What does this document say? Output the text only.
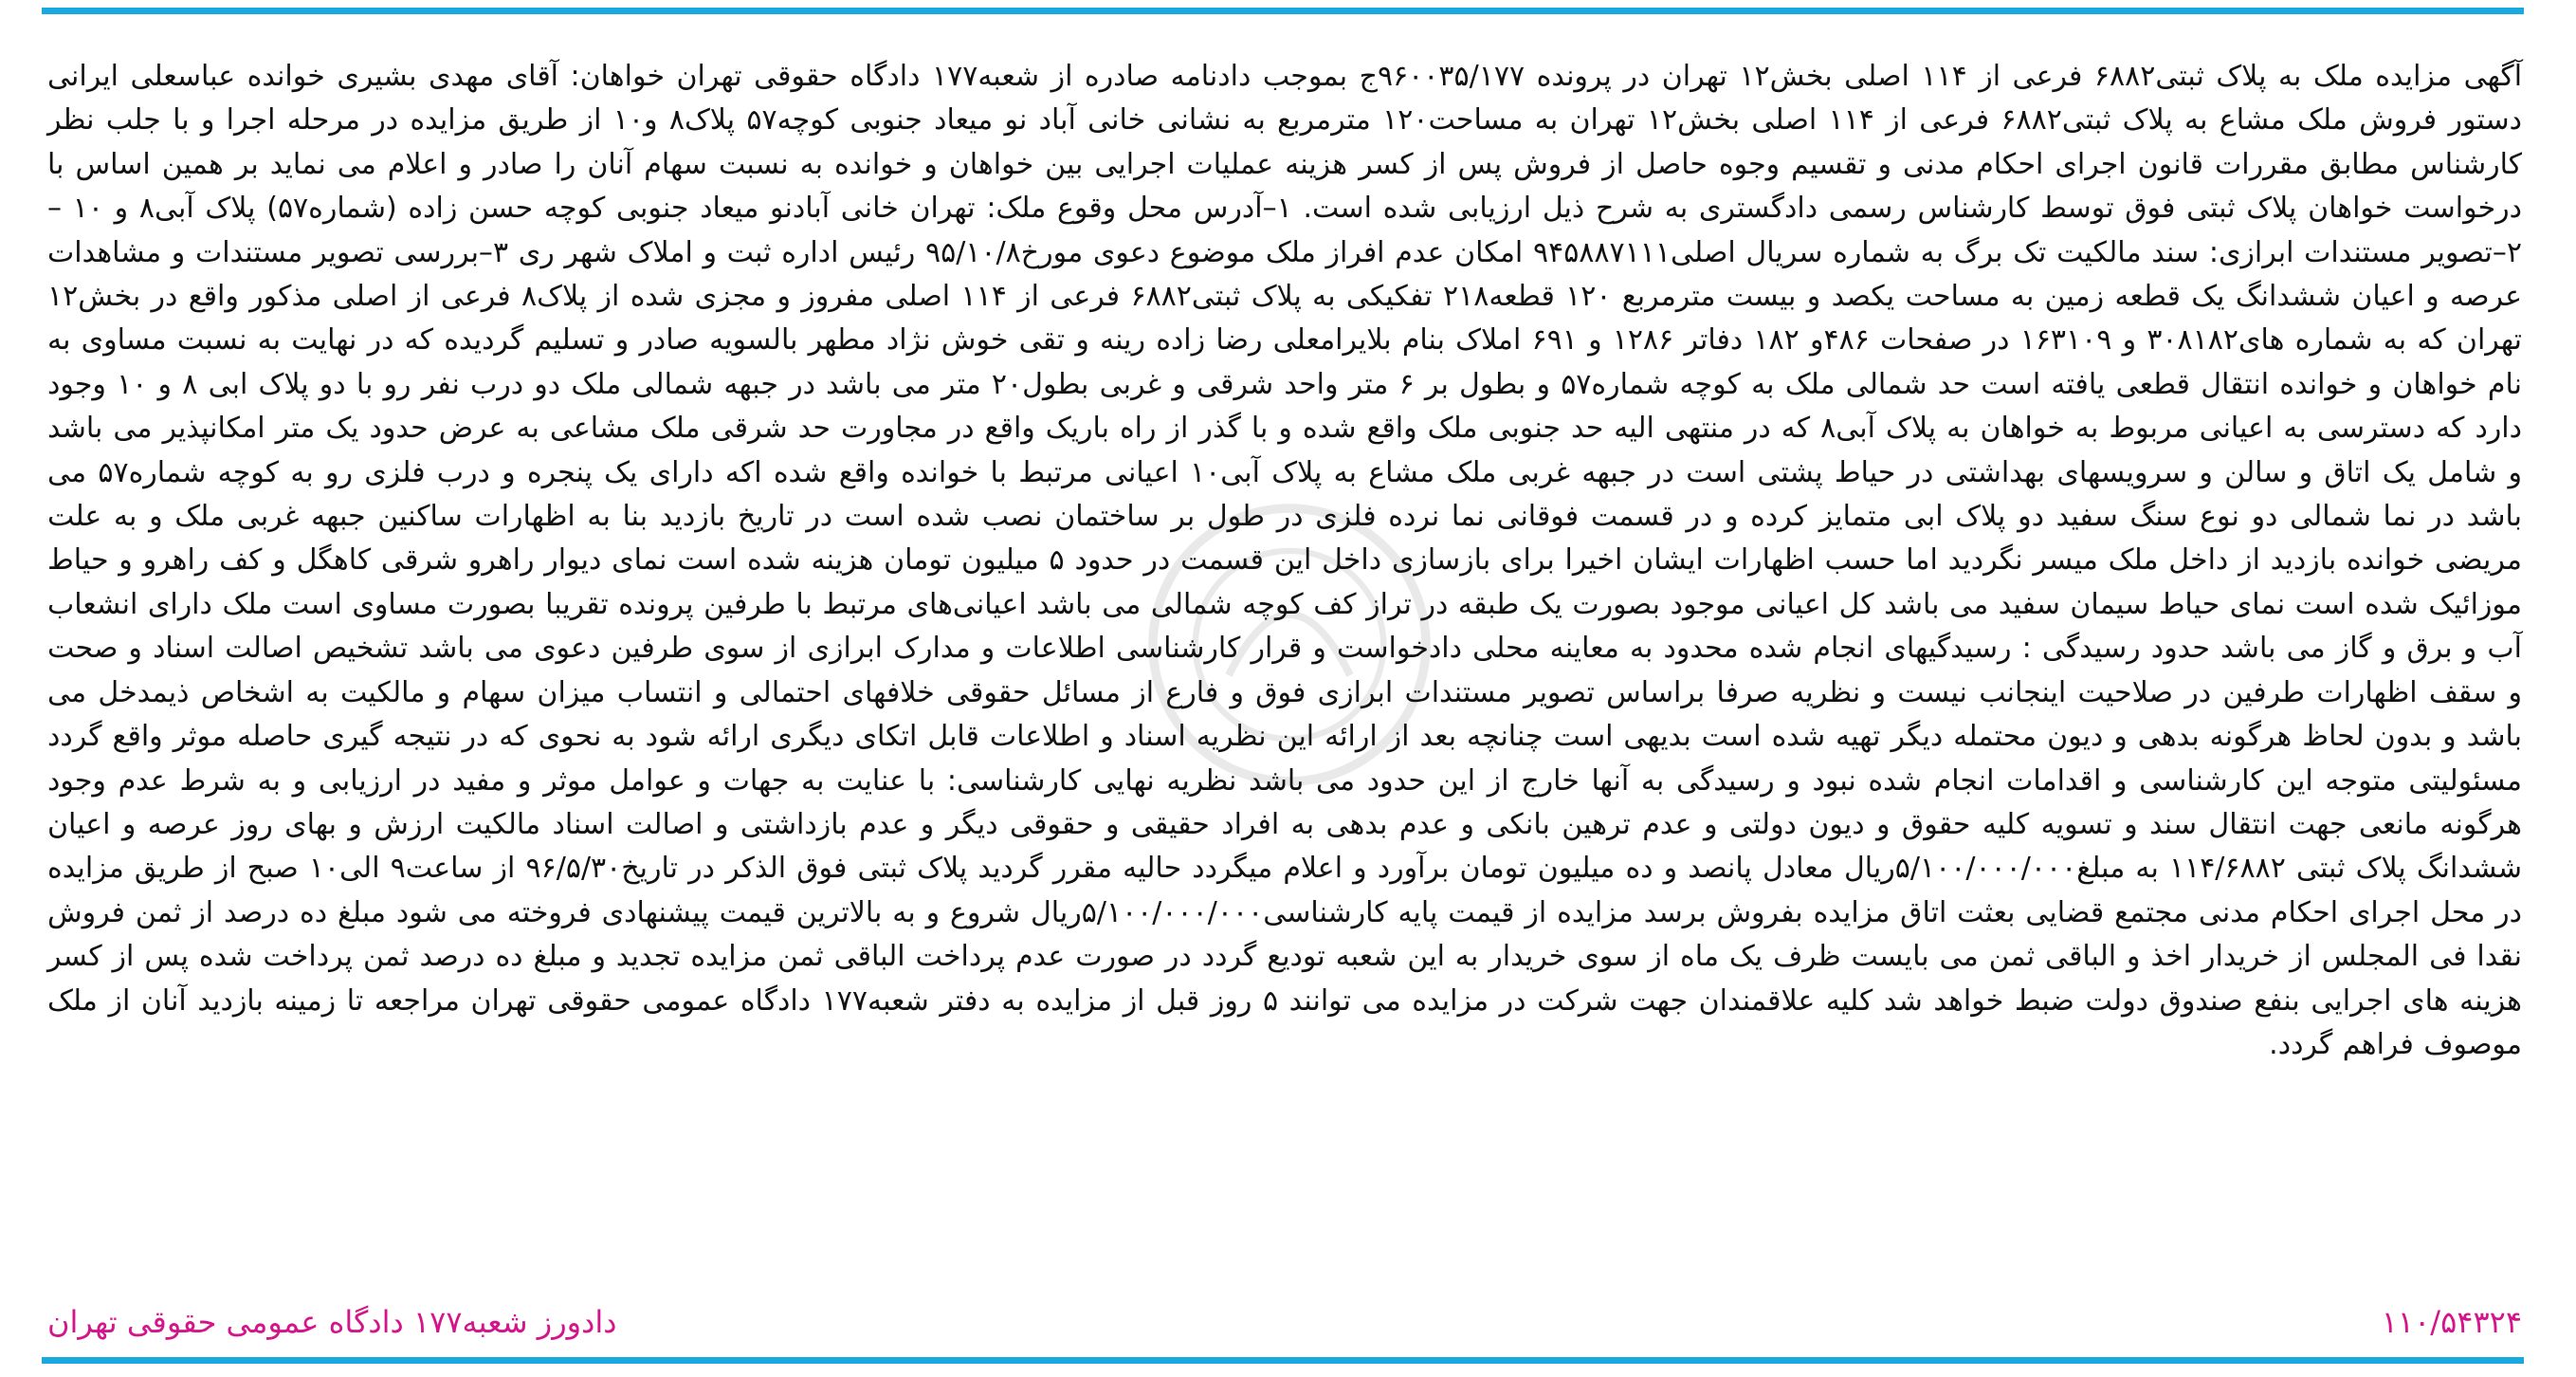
آگهی مزایده ملک به پلاک ثبتی۶۸۸۲ فرعی از ۱۱۴ اصلی بخش۱۲ تهران در پرونده ۹۶۰۰۳۵/۱۷۷ج بموجب دادنامه صادره از شعبه۱۷۷ دادگاه حقوقی تهران خواهان: آقای مهدی بشیری خوانده عباسعلی ایرانی دستور فروش ملک مشاع به پلاک ثبتی۶۸۸۲ فرعی از ۱۱۴ اصلی بخش۱۲ تهران به مساحت۱۲۰ مترمربع به نشانی خانی آباد نو میعاد جنوبی کوچه۵۷ پلاک۸ و۱۰ از طریق مزایده در مرحله اجرا و با جلب نظر کارشناس مطابق مقررات قانون اجرای احکام مدنی و تقسیم وجوه حاصل از فروش پس از کسر هزینه عملیات اجرایی بین خواهان و خوانده به نسبت سهام آنان را صادر و اعلام می نماید بر همین اساس با درخواست خواهان پلاک ثبتی فوق توسط کارشناس رسمی دادگستری به شرح ذیل ارزیابی شده است. ۱–آدرس محل وقوع ملک: تهران خانی آبادنو میعاد جنوبی کوچه حسن زاده (شماره۵۷) پلاک آبی۸ و ۱۰ – ۲–تصویر مستندات ابرازی: سند مالکیت تک برگ به شماره سریال اصلی۹۴۵۸۸۷۱۱۱ امکان عدم افراز ملک موضوع دعوی مورخ۹۵/۱۰/۸ رئیس اداره ثبت و املاک شهر ری ۳–بررسی تصویر مستندات و مشاهدات عرصه و اعیان ششدانگ یک قطعه زمین به مساحت یکصد و بیست مترمربع ۱۲۰ قطعه۲۱۸ تفکیکی به پلاک ثبتی۶۸۸۲ فرعی از ۱۱۴ اصلی مفروز و مجزی شده از پلاک۸ فرعی از اصلی مذکور واقع در بخش۱۲ تهران که به شماره های۳۰۸۱۸۲ و ۱۶۳۱۰۹ در صفحات ۴۸۶و ۱۸۲ دفاتر ۱۲۸۶ و ۶۹۱ املاک بنام بلایرامعلی رضا زاده رینه و تقی خوش نژاد مطهر بالسویه صادر و تسلیم گردیده که در نهایت به نسبت مساوی به نام خواهان و خوانده انتقال قطعی یافته است حد شمالی ملک به کوچه شماره۵۷ و بطول بر ۶ متر واحد شرقی و غربی بطول۲۰ متر می باشد در جبهه شمالی ملک دو درب نفر رو با دو پلاک ابی ۸ و ۱۰ وجود دارد که دسترسی به اعیانی مربوط به خواهان به پلاک آبی۸ که در منتهی الیه حد جنوبی ملک واقع شده و با گذر از راه باریک واقع در مجاورت حد شرقی ملک مشاعی به عرض حدود یک متر امکانپذیر می باشد و شامل یک اتاق و سالن و سرویسهای بهداشتی در حیاط پشتی است در جبهه غربی ملک مشاع به پلاک آبی۱۰ اعیانی مرتبط با خوانده واقع شده اکه دارای یک پنجره و درب فلزی رو به کوچه شماره۵۷ می باشد در نما شمالی دو نوع سنگ سفید دو پلاک ابی متمایز کرده و در قسمت فوقانی نما نرده فلزی در طول بر ساختمان نصب شده است در تاریخ بازدید بنا به اظهارات ساکنین جبهه غربی ملک و به علت مریضی خوانده بازدید از داخل ملک میسر نگردید اما حسب اظهارات ایشان اخیرا برای بازسازی داخل این قسمت در حدود ۵ میلیون تومان هزینه شده است نمای دیوار راهرو شرقی کاهگل و کف راهرو و حیاط موزائیک شده است نمای حیاط سیمان سفید می باشد کل اعیانی موجود بصورت یک طبقه در تراز کف کوچه شمالی می باشد اعیانی‌های مرتبط با طرفین پرونده تقریبا بصورت مساوی است ملک دارای انشعاب آب و برق و گاز می باشد حدود رسیدگی : رسیدگیهای انجام شده محدود به معاینه محلی دادخواست و قرار کارشناسی اطلاعات و مدارک ابرازی از سوی طرفین دعوی می باشد تشخیص اصالت اسناد و صحت و سقف اظهارات طرفین در صلاحیت اینجانب نیست و نظریه صرفا براساس تصویر مستندات ابرازی فوق و فارع از مسائل حقوقی خلافهای احتمالی و انتساب میزان سهام و مالکیت به اشخاص ذیمدخل می باشد و بدون لحاظ هرگونه بدهی و دیون محتمله دیگر تهیه شده است بدیهی است چنانچه بعد از ارائه این نظریه اسناد و اطلاعات قابل اتکای دیگری ارائه شود به نحوی که در نتیجه گیری حاصله موثر واقع گردد مسئولیتی متوجه این کارشناسی و اقدامات انجام شده نبود و رسیدگی به آنها خارج از این حدود می باشد نظریه نهایی کارشناسی: با عنایت به جهات و عوامل موثر و مفید در ارزیابی و به شرط عدم وجود هرگونه مانعی جهت انتقال سند و تسویه کلیه حقوق و دیون دولتی و عدم ترهین بانکی و عدم بدهی به افراد حقیقی و حقوقی دیگر و عدم بازداشتی و اصالت اسناد مالکیت ارزش و بهای روز عرصه و اعیان ششدانگ پلاک ثبتی ۱۱۴/۶۸۸۲ به مبلغ۵/۱۰۰/۰۰۰/۰۰۰ریال معادل پانصد و ده میلیون تومان برآورد و اعلام میگردد حالیه مقرر گردید پلاک ثبتی فوق الذکر در تاریخ۹۶/۵/۳۰ از ساعت۹ الی۱۰ صبح از طریق مزایده در محل اجرای احکام مدنی مجتمع قضایی بعثت اتاق مزایده بفروش برسد مزایده از قیمت پایه کارشناسی۵/۱۰۰/۰۰۰/۰۰۰ریال شروع و به بالاترین قیمت پیشنهادی فروخته می شود مبلغ ده درصد از ثمن فروش نقدا فی المجلس از خریدار اخذ و الباقی ثمن می بایست ظرف یک ماه از سوی خریدار به این شعبه تودیع گردد در صورت عدم پرداخت الباقی ثمن مزایده تجدید و مبلغ ده درصد ثمن پرداخت شده پس از کسر هزینه های اجرایی بنفع صندوق دولت ضبط خواهد شد کلیه علاقمندان جهت شرکت در مزایده می توانند ۵ روز قبل از مزایده به دفتر شعبه۱۷۷ دادگاه عمومی حقوقی تهران مراجعه تا زمینه بازدید آنان از ملک موصوف فراهم گردد.
دادورز شعبه۱۷۷ دادگاه عمومی حقوقی تهران	۱۱۰/۵۴۳۲۴
